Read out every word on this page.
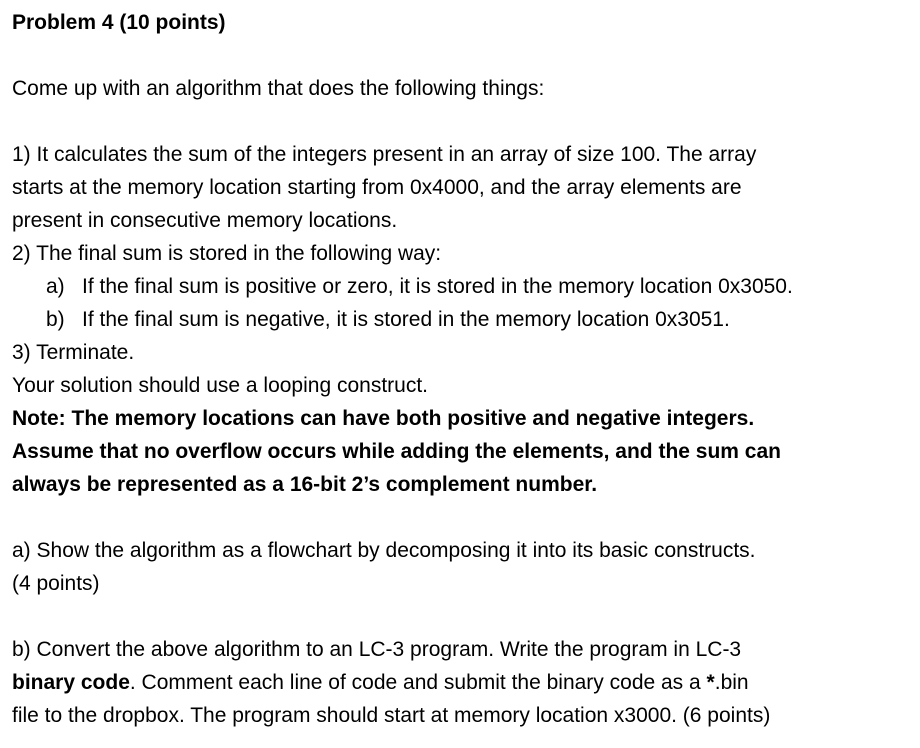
Problem 4 (10 points)
Come up with an algorithm that does the following things:
1) It calculates the sum of the integers present in an array of size 100. The array
starts at the memory location starting from 0x4000, and the array elements are
present in consecutive memory locations.
2) The final sum is stored in the following way:
a) If the final sum is positive or zero, it is stored in the memory location 0x3050.
b) If the final sum is negative, it is stored in the memory location 0x3051.
3) Terminate.
Your solution should use a looping construct.
Note: The memory locations can have both positive and negative integers.
Assume that no overflow occurs while adding the elements, and the sum can
always be represented as a 16-bit 2’s complement number.
a) Show the algorithm as a flowchart by decomposing it into its basic constructs.
(4 points)
b) Convert the above algorithm to an LC-3 program. Write the program in LC-3
binary code. Comment each line of code and submit the binary code as a *.bin
file to the dropbox. The program should start at memory location x3000. (6 points)
